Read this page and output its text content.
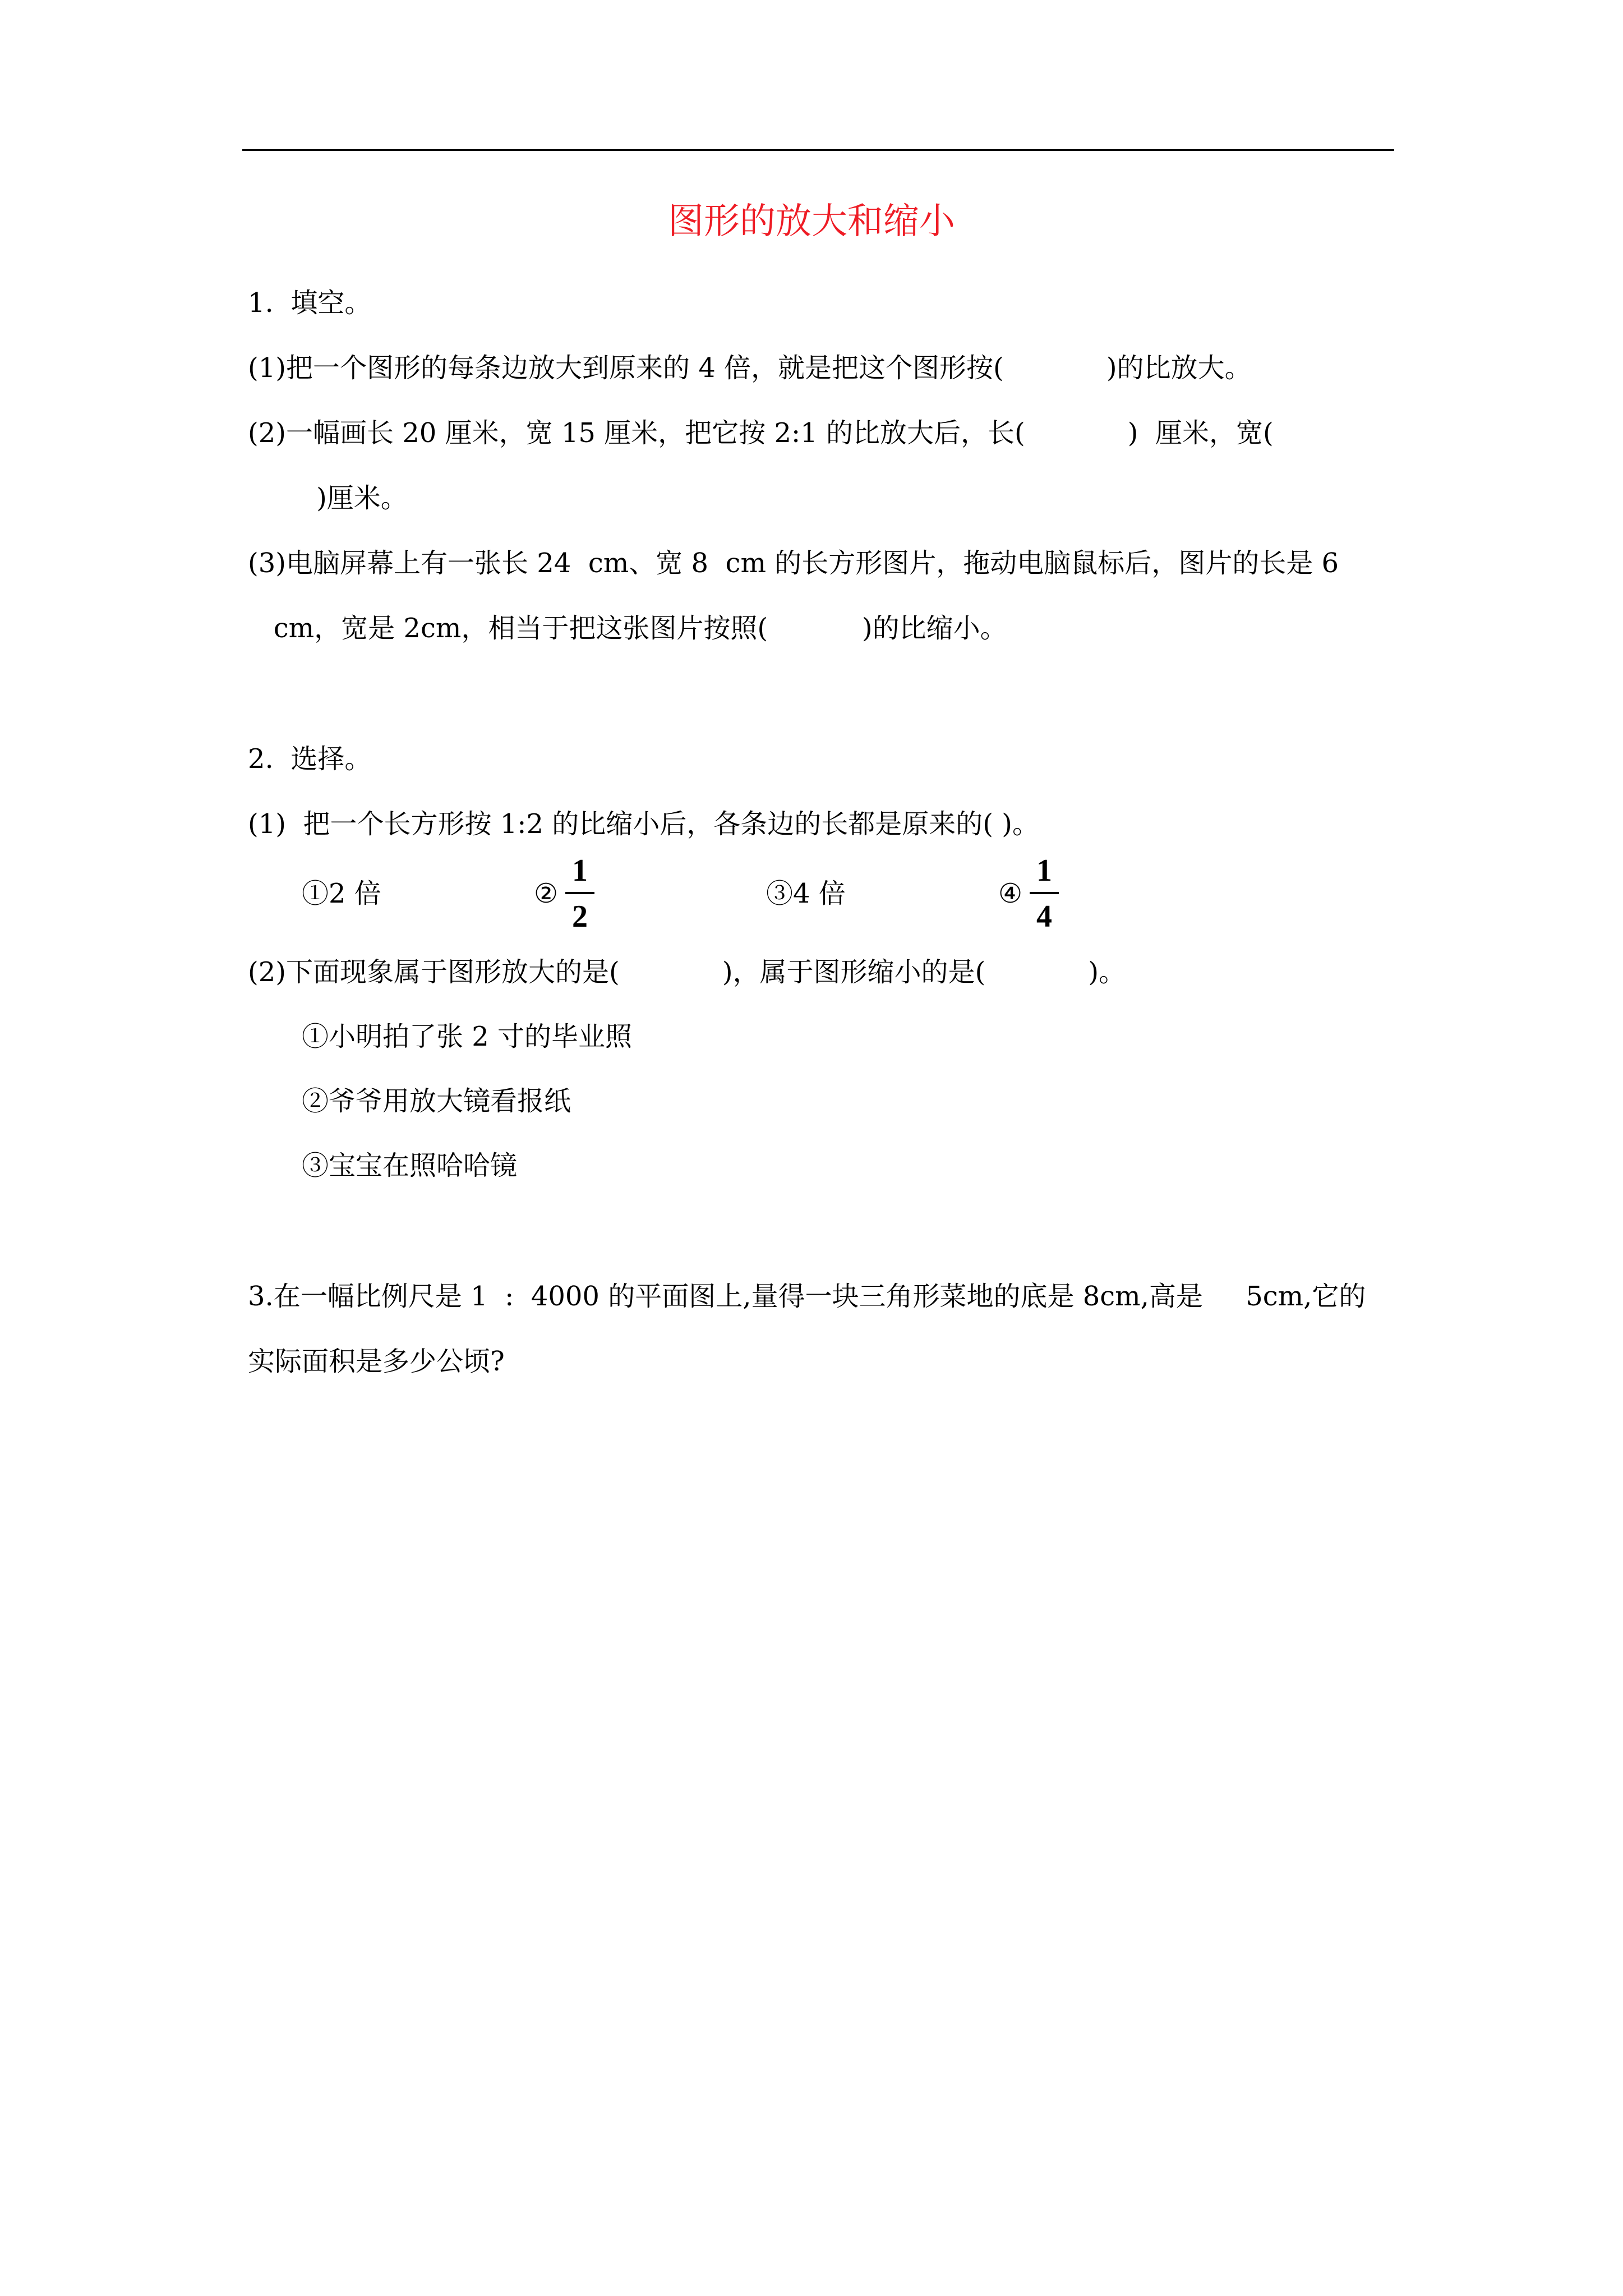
图形的放大和缩小
1.  填空。
(1)把一个图形的每条边放大到原来的 4 倍，就是把这个图形按(            )的比放大。
(2)一幅画长 20 厘米，宽 15 厘米，把它按 2:1 的比放大后，长(            )  厘米，宽(
)厘米。
(3)电脑屏幕上有一张长 24  cm、宽 8  cm 的长方形图片，拖动电脑鼠标后，图片的长是 6
cm，宽是 2cm，相当于把这张图片按照(           )的比缩小。
2.  选择。
(1)  把一个长方形按 1:2 的比缩小后，各条边的长都是原来的( )。
①2 倍	②
1
2
③4 倍	④
1
4
(2)下面现象属于图形放大的是(            )，属于图形缩小的是(            )。
①小明拍了张 2 寸的毕业照
②爷爷用放大镜看报纸
③宝宝在照哈哈镜
3.在一幅比例尺是 1  :  4000 的平面图上,量得一块三角形菜地的底是 8cm,高是     5cm,它的
实际面积是多少公顷?
